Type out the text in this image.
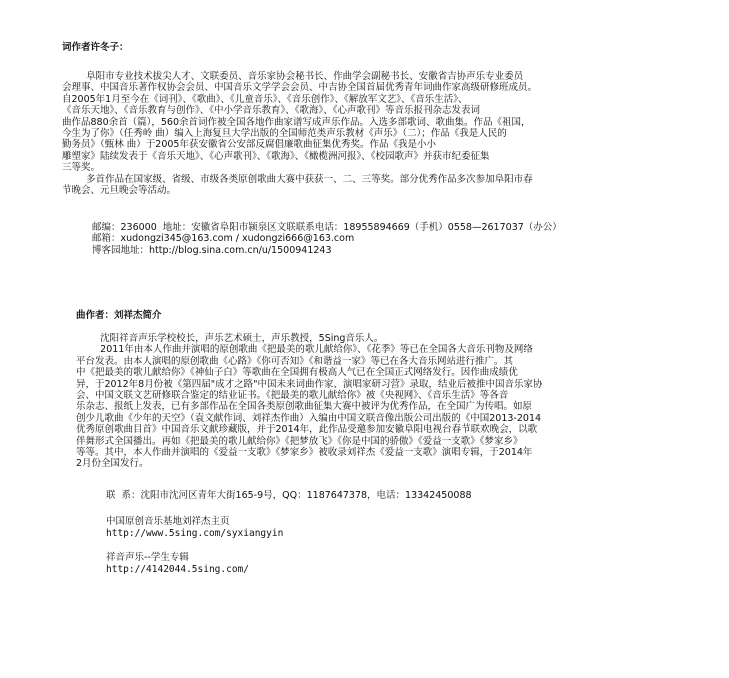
词作者许冬子：
阜阳市专业技术拔尖人才、文联委员、音乐家协会秘书长、作曲学会副秘书长、安徽省吉协声乐专业委员
会理事、中国音乐著作权协会会员、中国音乐文学学会会员、中吉协全国首届优秀青年词曲作家高级研修班成员。
自2005年1月至今在《词刊》、《歌曲》、《儿童音乐》、《音乐创作》、《解放军文艺》、《音乐生活》、
《音乐天地》、《音乐教育与创作》、《中小学音乐教育》、《歌海》、《心声歌刊》等音乐报刊杂志发表词
曲作品880余首（篇），560余首词作被全国各地作曲家谱写成声乐作品。入选多部歌词、歌曲集。作品《祖国，
今生为了你》（任秀岭 曲）编入上海复旦大学出版的全国师范类声乐教材《声乐》（二）；作品《我是人民的
勤务员》（甄林 曲）于2005年获安徽省公安部反腐倡廉歌曲征集优秀奖。作品《我是小小
雕塑家》陆续发表于《音乐天地》、《心声歌刊》、《歌海》、《橄榄洲河报》、《校园歌声》并获市纪委征集
三等奖。
多首作品在国家级、省级、市级各类原创歌曲大赛中获获一、二、三等奖。部分优秀作品多次参加阜阳市春
节晚会、元旦晚会等活动。
邮编：236000  地址：安徽省阜阳市颍泉区文联联系电话：18955894669（手机）0558—2617037（办公）
邮箱：xudongzi345@163.com / xudongzi666@163.com
博客园地址：http://blog.sina.com.cn/u/1500941243
曲作者：刘祥杰简介
沈阳祥音声乐学校校长，声乐艺术硕士，声乐教授，5Sing音乐人。
2011年由本人作曲并演唱的原创歌曲《把最美的歌儿献给你》、《花季》等已在全国各大音乐刊物及网络
平台发表。由本人演唱的原创歌曲《心路》《你可否知》《和谐益一家》等已在各大音乐网站进行推广。其
中《把最美的歌儿献给你》《神仙子白》等歌曲在全国拥有极高人气已在全国正式网络发行。因作曲成绩优
异，于2012年8月份被《第四届"成才之路"中国未来词曲作家、演唱家研习营》录取，结业后被推中国音乐家协
会、中国文联文艺研修联合鉴定的结业证书。《把最美的歌儿献给你》被《央视网》、《音乐生活》等各音
乐杂志、报纸上发表，已有多部作品在全国各类原创歌曲征集大赛中被评为优秀作品，在全国广为传唱。如原
创少儿歌曲《少年的天空》（袁文献作词、刘祥杰作曲）入编由中国文联音像出版公司出版的《中国2013-2014
优秀原创歌曲目首》中国音乐文献珍藏版，并于2014年，此作品受邀参加安徽阜阳电视台春节联欢晚会，以歌
伴舞形式全国播出。再如《把最美的歌儿献给你》《把梦放飞》《你是中国的骄傲》《爱益一支歌》《梦家乡》
等等。其中，本人作曲并演唱的《爱益一支歌》《梦家乡》被收录刘祥杰《爱益一支歌》演唱专辑，于2014年
2月份全国发行。
联  系：沈阳市沈河区青年大街165-9号，QQ：1187647378，电话：13342450088
中国原创音乐基地刘祥杰主页
http://www.5sing.com/syxiangyin
祥音声乐--学生专辑
http://4142044.5sing.com/
